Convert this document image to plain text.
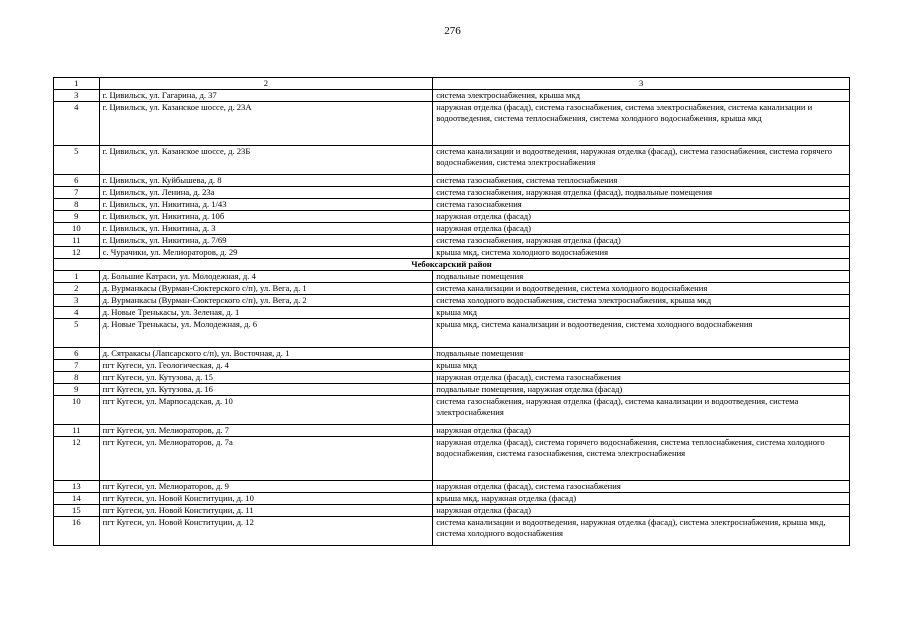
276
1	2	3
3	г. Цивильск, ул. Гагарина, д. 37	система электроснабжения, крыша мкд
4	г. Цивильск, ул. Казанское шоссе, д. 23А	наружная отделка (фасад), система газоснабжения, система электроснабжения, система канализации и водоотведения, система теплоснабжения, система холодного водоснабжения, крыша мкд
5	г. Цивильск, ул. Казанское шоссе, д. 23Б	система канализации и водоотведения, наружная отделка (фасад), система газоснабжения, система горячего водоснабжения, система электроснабжения
6	г. Цивильск, ул. Куйбышева, д. 8	система газоснабжения, система теплоснабжения
7	г. Цивильск, ул. Ленина, д. 23а	система газоснабжения, наружная отделка (фасад), подвальные помещения
8	г. Цивильск, ул. Никитина, д. 1/43	система газоснабжения
9	г. Цивильск, ул. Никитина, д. 10б	наружная отделка (фасад)
10	г. Цивильск, ул. Никитина, д. 3	наружная отделка (фасад)
11	г. Цивильск, ул. Никитина, д. 7/69	система газоснабжения, наружная отделка (фасад)
12	с. Чурачики, ул. Мелиораторов, д. 29	крыша мкд, система холодного водоснабжения
Чебоксарский район		
1	д. Большие Катраси, ул. Молодежная, д. 4	подвальные помещения
2	д. Вурманкасы (Вурман-Сюктерского с/п), ул. Вега, д. 1	система канализации и водоотведения, система холодного водоснабжения
3	д. Вурманкасы (Вурман-Сюктерского с/п), ул. Вега, д. 2	система холодного водоснабжения, система электроснабжения, крыша мкд
4	д. Новые Тренькасы, ул. Зеленая, д. 1	крыша мкд
5	д. Новые Тренькасы, ул. Молодежная, д. 6	крыша мкд, система канализации и водоотведения, система холодного водоснабжения
6	д. Сятракасы (Лапсарского с/п), ул. Восточная, д. 1	подвальные помещения
7	пгт Кугеси, ул. Геологическая, д. 4	крыша мкд
8	пгт Кугеси, ул. Кутузова, д. 15	наружная отделка (фасад), система газоснабжения
9	пгт Кугеси, ул. Кутузова, д. 16	подвальные помещения, наружная отделка (фасад)
10	пгт Кугеси, ул. Марпосадская, д. 10	система газоснабжения, наружная отделка (фасад), система канализации и водоотведения, система электроснабжения
11	пгт Кугеси, ул. Мелиораторов, д. 7	наружная отделка (фасад)
12	пгт Кугеси, ул. Мелиораторов, д. 7а	наружная отделка (фасад), система горячего водоснабжения, система теплоснабжения, система холодного водоснабжения, система газоснабжения, система электроснабжения
13	пгт Кугеси, ул. Мелиораторов, д. 9	наружная отделка (фасад), система газоснабжения
14	пгт Кугеси, ул. Новой Конституции, д. 10	крыша мкд, наружная отделка (фасад)
15	пгт Кугеси, ул. Новой Конституции, д. 11	наружная отделка (фасад)
16	пгт Кугеси, ул. Новой Конституции, д. 12	система канализации и водоотведения, наружная отделка (фасад), система электроснабжения, крыша мкд, система холодного водоснабжения
